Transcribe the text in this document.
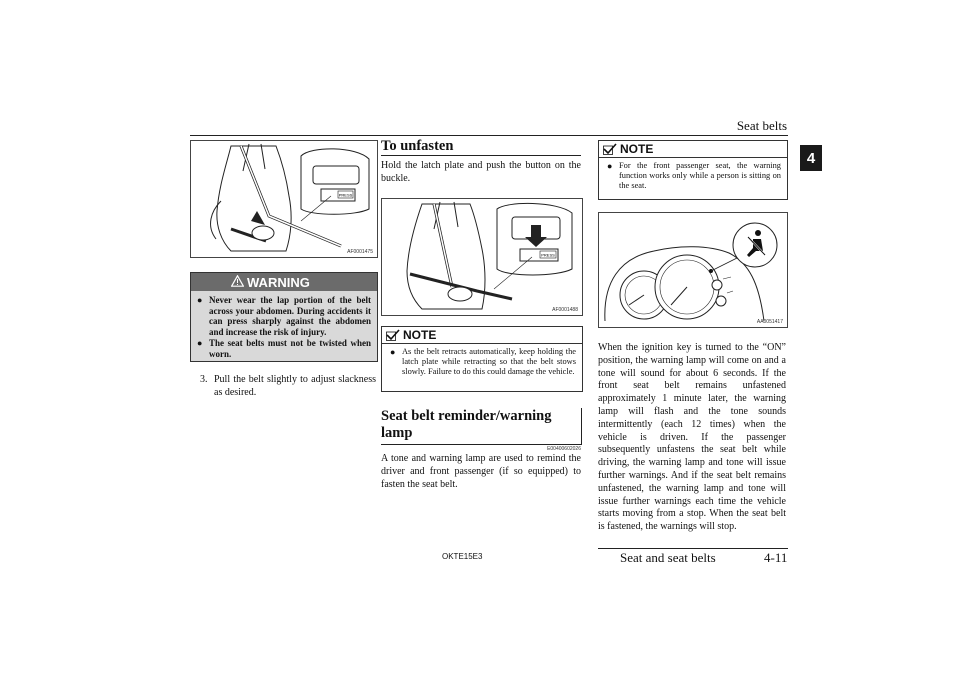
Seat belts
4
PRESS
AF0001475
WARNING
● Never wear the lap portion of the belt across your abdomen. During accidents it can press sharply against the abdomen and increase the risk of injury.
● The seat belts must not be twisted when worn.
3. Pull the belt slightly to adjust slackness as desired.
To unfasten
Hold the latch plate and push the button on the buckle.
PRESS
AF0001488
NOTE
● As the belt retracts automatically, keep holding the latch plate while retracting so that the belt stows slowly. Failure to do this could damage the vehicle.
Seat belt reminder/warning lamp
E00400602026
A tone and warning lamp are used to remind the driver and front passenger (if so equipped) to fasten the seat belt.
NOTE
● For the front passenger seat, the warning function works only while a person is sitting on the seat.
AA0051417
When the ignition key is turned to the “ON” position, the warning lamp will come on and a tone will sound for about 6 seconds. If the front seat belt remains unfastened approximately 1 minute later, the warning lamp will flash and the tone sounds intermittently (each 12 times) when the vehicle is driven. If the passenger subsequently unfastens the seat belt while driving, the warning lamp and tone will issue further warnings. And if the seat belt remains unfastened, the warning lamp and tone will issue further warnings each time the vehicle starts moving from a stop. When the seat belt is fastened, the warnings will stop.
OKTE15E3	Seat and seat belts	4-11
